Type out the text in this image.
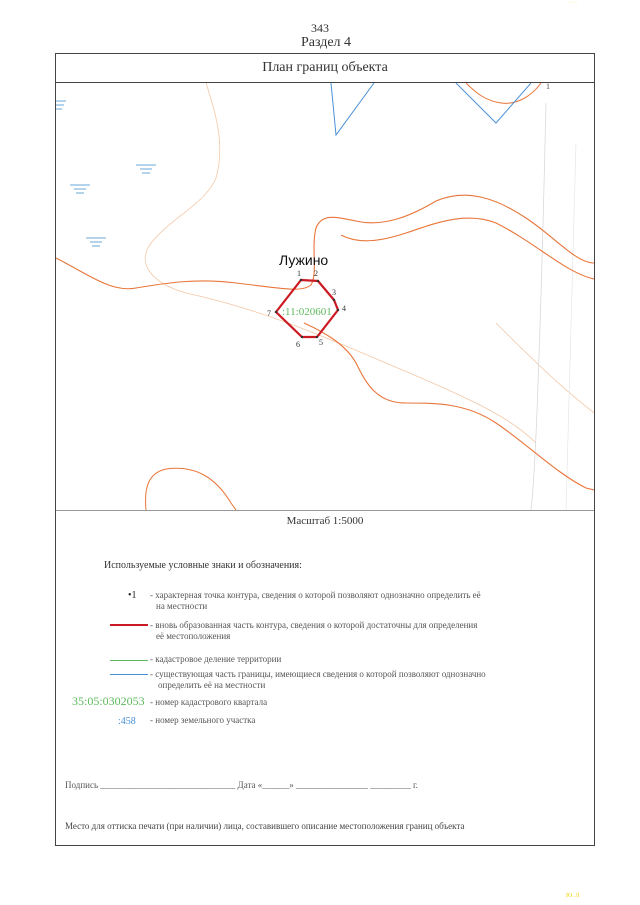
343
Раздел 4
План границ объекта
Лужино
:11:020601
1 2
3
4
5
6
7
1
Масштаб 1:5000
Используемые условные знаки и обозначения:
•1 - характерная точка контура, сведения о которой позволяют однозначно определить её
на местности
- вновь образованная часть контура, сведения о которой достаточны для определения
её местоположения
- кадастровое деление территории
- существующая часть границы, имеющиеся сведения о которой позволяют однозначно
определить её на местности
35:05:0302053 - номер кадастрового квартала
:458 - номер земельного участка
Подпись ______________________________ Дата «______» ________________ _________ г.
Место для оттиска печати (при наличии) лица, составившего описание местоположения границ объекта
· · ·
Ю. Л
